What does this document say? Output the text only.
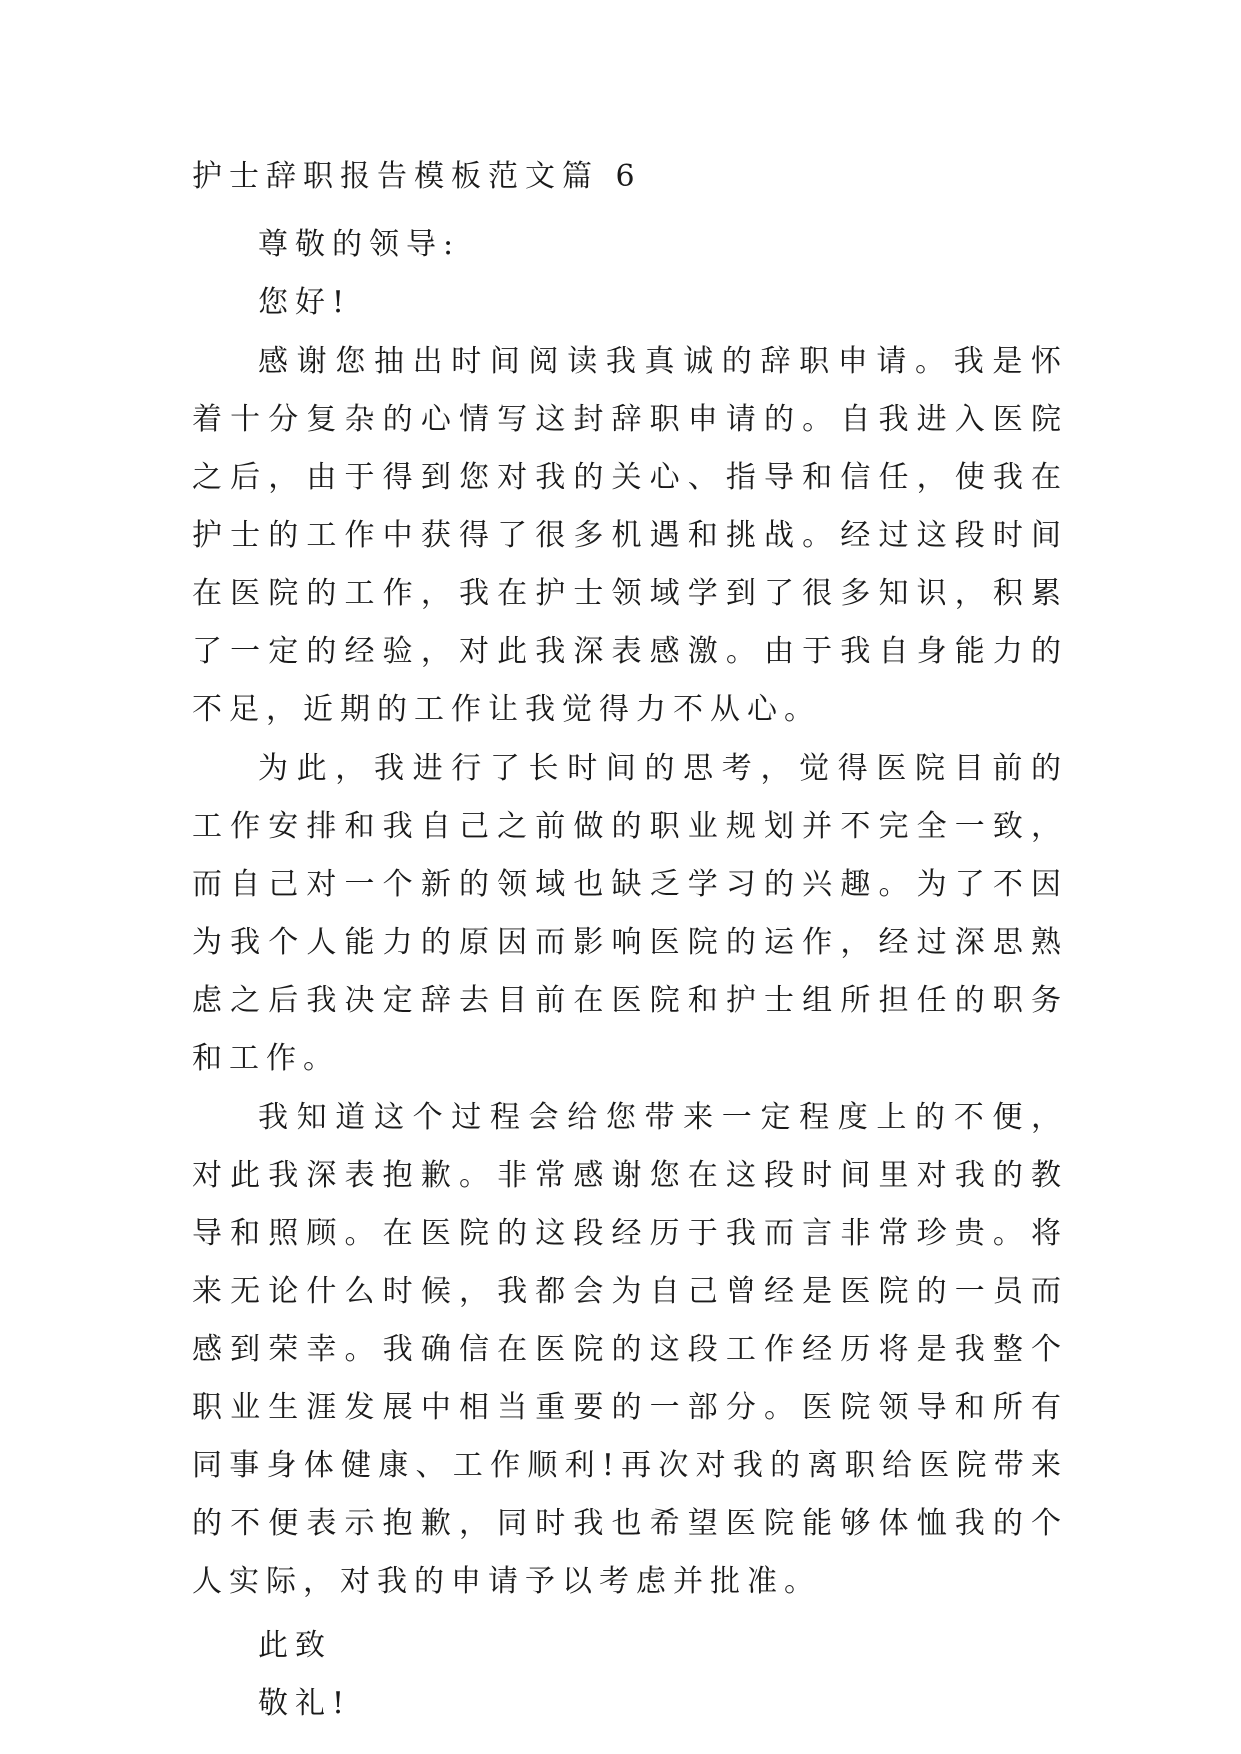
护士辞职报告模板范文篇 6

尊敬的领导:

您好!

感谢您抽出时间阅读我真诚的辞职申请。我是怀着十分复杂的心情写这封辞职申请的。自我进入医院之后，由于得到您对我的关心、指导和信任，使我在护士的工作中获得了很多机遇和挑战。经过这段时间在医院的工作，我在护士领域学到了很多知识，积累了一定的经验，对此我深表感激。由于我自身能力的不足，近期的工作让我觉得力不从心。

为此，我进行了长时间的思考，觉得医院目前的工作安排和我自己之前做的职业规划并不完全一致，而自己对一个新的领域也缺乏学习的兴趣。为了不因为我个人能力的原因而影响医院的运作，经过深思熟虑之后我决定辞去目前在医院和护士组所担任的职务和工作。

我知道这个过程会给您带来一定程度上的不便，对此我深表抱歉。非常感谢您在这段时间里对我的教导和照顾。在医院的这段经历于我而言非常珍贵。将来无论什么时候，我都会为自己曾经是医院的一员而感到荣幸。我确信在医院的这段工作经历将是我整个职业生涯发展中相当重要的一部分。医院领导和所有同事身体健康、工作顺利!再次对我的离职给医院带来的不便表示抱歉，同时我也希望医院能够体恤我的个人实际，对我的申请予以考虑并批准。

此致

敬礼!
